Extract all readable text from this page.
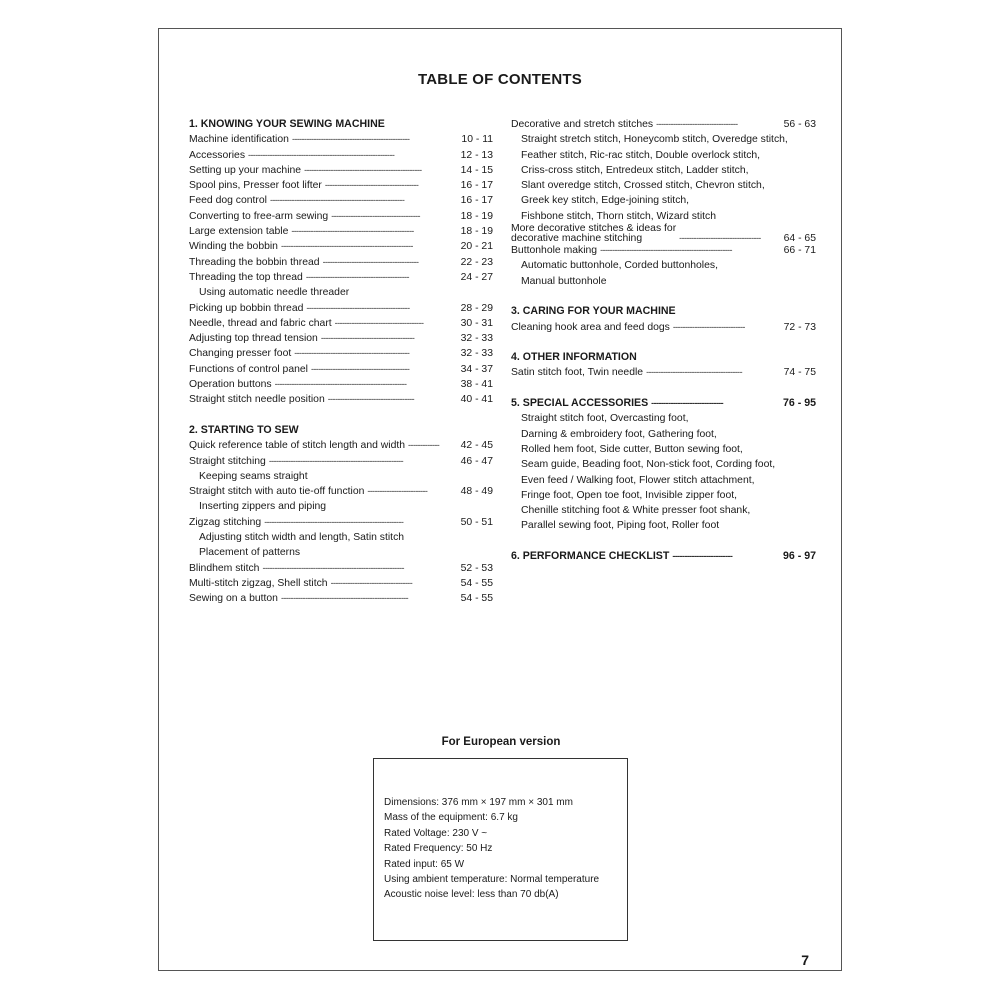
TABLE OF CONTENTS
1. KNOWING YOUR SEWING MACHINE
Machine identification -------------------------------------------------	10 - 11
Accessories -------------------------------------------------------------	12 - 13
Setting up your machine -------------------------------------------------	14 - 15
Spool pins, Presser foot lifter ---------------------------------------	16 - 17
Feed dog control --------------------------------------------------------	16 - 17
Converting to free-arm sewing -------------------------------------	18 - 19
Large extension table ---------------------------------------------------	18 - 19
Winding the bobbin -------------------------------------------------------	20 - 21
Threading the bobbin thread ----------------------------------------	22 - 23
Threading the top thread -------------------------------------------	24 - 27
Using automatic needle threader
Picking up bobbin thread -------------------------------------------	28 - 29
Needle, thread and fabric chart -------------------------------------	30 - 31
Adjusting top thread tension ---------------------------------------	32 - 33
Changing presser foot ------------------------------------------------	32 - 33
Functions of control panel -----------------------------------------	34 - 37
Operation buttons -------------------------------------------------------	38 - 41
Straight stitch needle position ------------------------------------	40 - 41
2. STARTING TO SEW
Quick reference table of stitch length and width -------------	42 - 45
Straight stitching --------------------------------------------------------	46 - 47
Keeping seams straight
Straight stitch with auto tie-off function -------------------------	48 - 49
Inserting zippers and piping
Zigzag stitching ----------------------------------------------------------	50 - 51
Adjusting stitch width and length, Satin stitch
Placement of patterns
Blindhem stitch -----------------------------------------------------------	52 - 53
Multi-stitch zigzag, Shell stitch ----------------------------------	54 - 55
Sewing on a button -----------------------------------------------------	54 - 55
Decorative and stretch stitches ----------------------------------	56 - 63
Straight stretch stitch, Honeycomb stitch, Overedge stitch,
Feather stitch, Ric-rac stitch, Double overlock stitch,
Criss-cross stitch, Entredeux stitch, Ladder stitch,
Slant overedge stitch, Crossed stitch, Chevron stitch,
Greek key stitch, Edge-joining stitch,
Fishbone stitch, Thorn stitch, Wizard stitch
More decorative stitches & ideas for
decorative machine stitching	----------------------------------	64 - 65
Buttonhole making -------------------------------------------------------	66 - 71
Automatic buttonhole, Corded buttonholes,
Manual buttonhole
3. CARING FOR YOUR MACHINE
Cleaning hook area and feed dogs ------------------------------	72 - 73
4. OTHER INFORMATION
Satin stitch foot, Twin needle ----------------------------------------	74 - 75
5. SPECIAL ACCESSORIES ------------------------------	76 - 95
Straight stitch foot, Overcasting foot,
Darning & embroidery foot, Gathering foot,
Rolled hem foot, Side cutter, Button sewing foot,
Seam guide, Beading foot, Non-stick foot, Cording foot,
Even feed / Walking foot, Flower stitch attachment,
Fringe foot, Open toe foot, Invisible zipper foot,
Chenille stitching foot & White presser foot shank,
Parallel sewing foot, Piping foot, Roller foot
6. PERFORMANCE CHECKLIST -------------------------	96 - 97
For European version
Dimensions: 376 mm × 197 mm × 301 mm
Mass of the equipment: 6.7 kg
Rated Voltage: 230 V ~
Rated Frequency: 50 Hz
Rated input: 65 W
Using ambient temperature: Normal temperature
Acoustic noise level: less than 70 db(A)
7
